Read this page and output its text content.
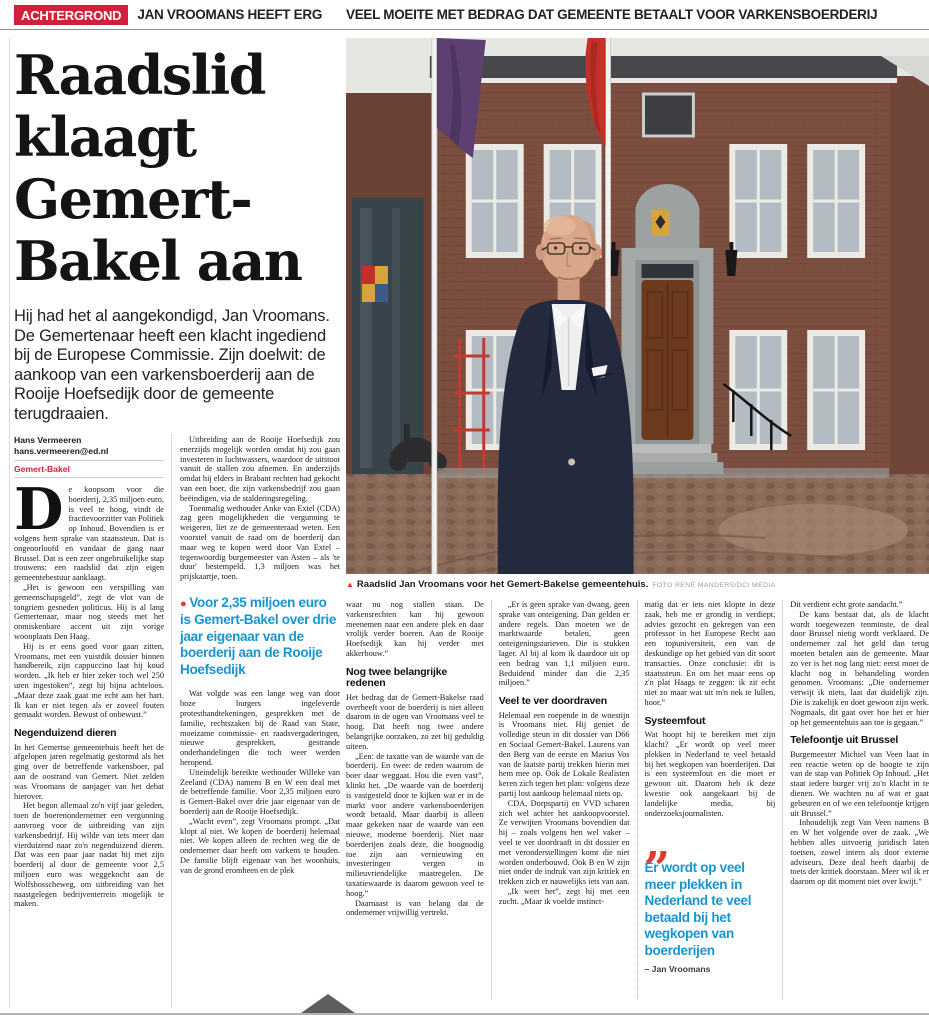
ACHTERGROND	JAN VROOMANS HEEFT ERG VEEL MOEITE MET BEDRAG DAT GEMEENTE BETAALT VOOR VARKENSBOERDERIJ
Raadslid klaagt Gemert-Bakel aan

Hij had het al aangekondigd, Jan Vroomans. De Gemertenaar heeft een klacht ingediend bij de Europese Commissie. Zijn doelwit: de aankoop van een varkensboerderij aan de Rooije Hoefsedijk door de gemeente terugdraaien.

Hans Vermeeren
hans.vermeeren@ed.nl
Gemert-Bakel

De koopsom voor die boerderij, 2,35 miljoen euro, is veel te hoog, vindt de fractievoorzitter van Politiek op Inhoud. Bovendien is er volgens hem sprake van staatssteun. Dat is ongeoorloofd en vandaar de gang naar Brussel. Dat is een zeer ongebruikelijke stap trouwens: een raadslid dat zijn eigen gemeentebestuur aanklaagt.

„Het is gewoon een verspilling van gemeenschapsgeld”, zegt de vlot van de tongriem gesneden politicus. Hij is al lang Gemertenaar, maar nog steeds met het onmiskenbare accent uit zijn vorige woonplaats Den Haag.

Hij is er eens goed voor gaan zitten, Vroomans, met een vuistdik dossier binnen handbereik, zijn cappuccino laat hij koud worden. „Ik heb er hier zeker toch wel 250 uren ingestoken”, zegt hij bijna achteloos. „Maar deze zaak gaat me echt aan het hart. Ik kan er niet tegen als er zoveel fouten gemaakt worden. Bewust of onbewust.”

Negenduizend dieren

In het Gemertse gemeentehuis heeft het de afgelopen jaren regelmatig gestormd als het ging over de betreffende varkensboer, pal aan de oostrand van Gemert. Niet zelden was Vroomans de aanjager van het debat hierover.

Het begon allemaal zo'n vijf jaar geleden, toen de boerenondernemer een vergunning aanvroeg voor de uitbreiding van zijn varkensbedrijf. Hij wilde van iets meer dan vierduizend naar zo'n negenduizend dieren. Dat was een paar jaar nadat hij met zijn boerderij al door de gemeente voor 2,5 miljoen euro was weggekocht aan de Wolfsbosscheweg, om uitbreiding van het naastgelegen bedrijventerrein mogelijk te maken.

Uitbreiding aan de Rooije Hoefsedijk zou enerzijds mogelijk worden omdat hij zou gaan investeren in luchtwassers, waardoor de uitstoot vanuit de stallen zou afnemen. En anderzijds omdat hij elders in Brabant rechten had gekocht van een boer, die zijn varkensbedrijf zou gaan beëindigen, via de stalderingsregeling.

Toenmalig wethouder Anke van Extel (CDA) zag geen mogelijkheden die vergunning te weigeren, liet ze de gemeenteraad weten. Een voorstel vanuit de raad om de boerderij dan maar weg te kopen werd door Van Extel – tegenwoordig burgemeester van Asten – als 'te duur' bestempeld. 1,3 miljoen was het prijskaartje, toen.

● Voor 2,35 miljoen euro is Gemert-Bakel over drie jaar eigenaar van de boerderij aan de Rooije Hoefsedijk

Wat volgde was een lange weg van door boze burgers ingeleverde protesthandtekeningen, gesprekken met de familie, rechtszaken bij de Raad van State, moeizame commissie- en raadsvergaderingen, nieuwe gesprekken, gestrande onderhandelingen die toch weer werden heropend.

Uiteindelijk bereikte wethouder Willeke van Zeeland (CDA) namens B en W een deal met de betreffende familie. Voor 2,35 miljoen euro is Gemert-Bakel over drie jaar eigenaar van de boerderij aan de Rooije Hoefsedijk.

„Wacht even”, zegt Vroomans prompt. „Dat klopt al niet. We kopen de boerderij helemaal niet. We kopen alleen de rechten weg die de ondernemer daar heeft om varkens te houden. De familie blijft eigenaar van het woonhuis, van de grond eromheen en de plek

▲ Raadslid Jan Vroomans voor het Gemert-Bakelse gemeentehuis. FOTO RENÉ MANDERS/DCI MEDIA

waar nu nog stallen staan. De varkensrechten kan hij gewoon meenemen naar een andere plek en daar vrolijk verder boeren. Aan de Rooije Hoefsedijk kan hij verder met akkerbouw.”

Nog twee belangrijke redenen

Het bedrag dat de Gemert-Bakelse raad overheeft voor de boerderij is niet alleen daarom in de ogen van Vroomans veel te hoog. Dat heeft nog twee andere belangrijke oorzaken, zo zet hij geduldig uiteen.

„Een: de taxatie van de waarde van de boerderij. En twee: de reden waarom de boer daar weggaat. Hou die even vast”, klinkt het. „De waarde van de boerderij is vastgesteld door te kijken wat er in de markt voor andere varkensboerderijen wordt betaald. Maar daarbij is alleen maar gekeken naar de waarde van een nieuwe, moderne boerderij. Niet naar boerderijen zoals deze, die hoognodig toe zijn aan vernieuwing en investeringen vergen in milieuvriendelijke maatregelen. De taxatiewaarde is daarom gewoon veel te hoog.”

Daarnaast is van belang dat de ondernemer vrijwillig vertrekt.

„Er is geen sprake van dwang, geen sprake van onteigening. Dan gelden er andere regels. Dan moeten we de marktwaarde betalen, geen onteigeningstarieven. Die is stukken lager. Al bij al kom ik daardoor uit op een bedrag van 1,1 miljoen euro. Beduidend minder dan die 2,35 miljoen.”

Veel te ver doordraven

Helemaal een roepende in de woestijn is Vroomans niet. Hij geniet de volledige steun in dit dossier van D66 en Sociaal Gemert-Bakel. Laurens van den Berg van de eerste en Marius Vos van de laatste partij trekken hierin met hem mee op. Ook de Lokale Realisten keren zich tegen het plan: volgens deze partij lost aankoop helemaal niets op.

CDA, Dorpspartij en VVD scharen zich wel achter het aankoopvoorstel. Ze verwijten Vroomans bovendien dat hij – zoals volgens hen wel vaker – veel te ver doordraaft in dit dossier en met veronderstellingen komt die niet worden onderbouwd. Ook B en W zijn niet onder de indruk van zijn kritiek en trekken zich er nauwelijks iets van aan.

„Ik weet het”, zegt hij met een zucht. „Maar ik voelde instinct-

matig dat er iets niet klopte in deze zaak, heb me er grondig in verdiept, advies gezocht en gekregen van een professor in het Europese Recht aan een topuniversiteit, een van de deskundige op het gebied van dit soort transacties. Onze conclusie: dit is staatssteun. En om het maar eens op z'n plat Haags te zeggen: ik zit echt niet zo maar wat uit m'n nek te lullen, hoor.”

Systeemfout

Wat hoopt hij te bereiken met zijn klacht? „Er wordt op veel meer plekken in Nederland te veel betaald bij het wegkopen van boerderijen. Dat is een systeemfout en die moet er gewoon uit. Daarom heb ik deze kwestie ook aangekaart bij de landelijke media, bij onderzoeksjournalisten.

„
Er wordt op veel meer plekken in Nederland te veel betaald bij het wegkopen van boerderijen
– Jan Vroomans

Dit verdient echt grote aandacht.”

De kans bestaat dat, als de klacht wordt toegewezen tenminste, de deal door Brussel nietig wordt verklaard. De ondernemer zal het geld dan terug moeten betalen aan de gemeente. Maar zo ver is het nog lang niet: eerst moet de klacht nog in behandeling worden genomen. Vroomans: „Die ondernemer verwijt ik niets, laat dat duidelijk zijn. Die is zakelijk en doet gewoon zijn werk. Nogmaals, dit gaat over hoe het er hier op het gemeentehuis aan toe is gegaan.”

Telefoontje uit Brussel

Burgemeester Michiel van Veen laat in een reactie weten op de hoogte te zijn van de stap van Politiek Op Inhoud. „Het staat iedere burger vrij zo'n klacht in te dienen. We wachten nu af wat er gaat gebeuren en of we een telefoontje krijgen uit Brussel.”

Inhoudelijk zegt Van Veen namens B en W het volgende over de zaak. „We hebben alles uitvoerig juridisch laten toetsen, zowel intern als door externe adviseurs. Deze deal heeft daarbij de toets der kritiek doorstaan. Meer wil ik er daarom op dit moment niet over kwijt.”
